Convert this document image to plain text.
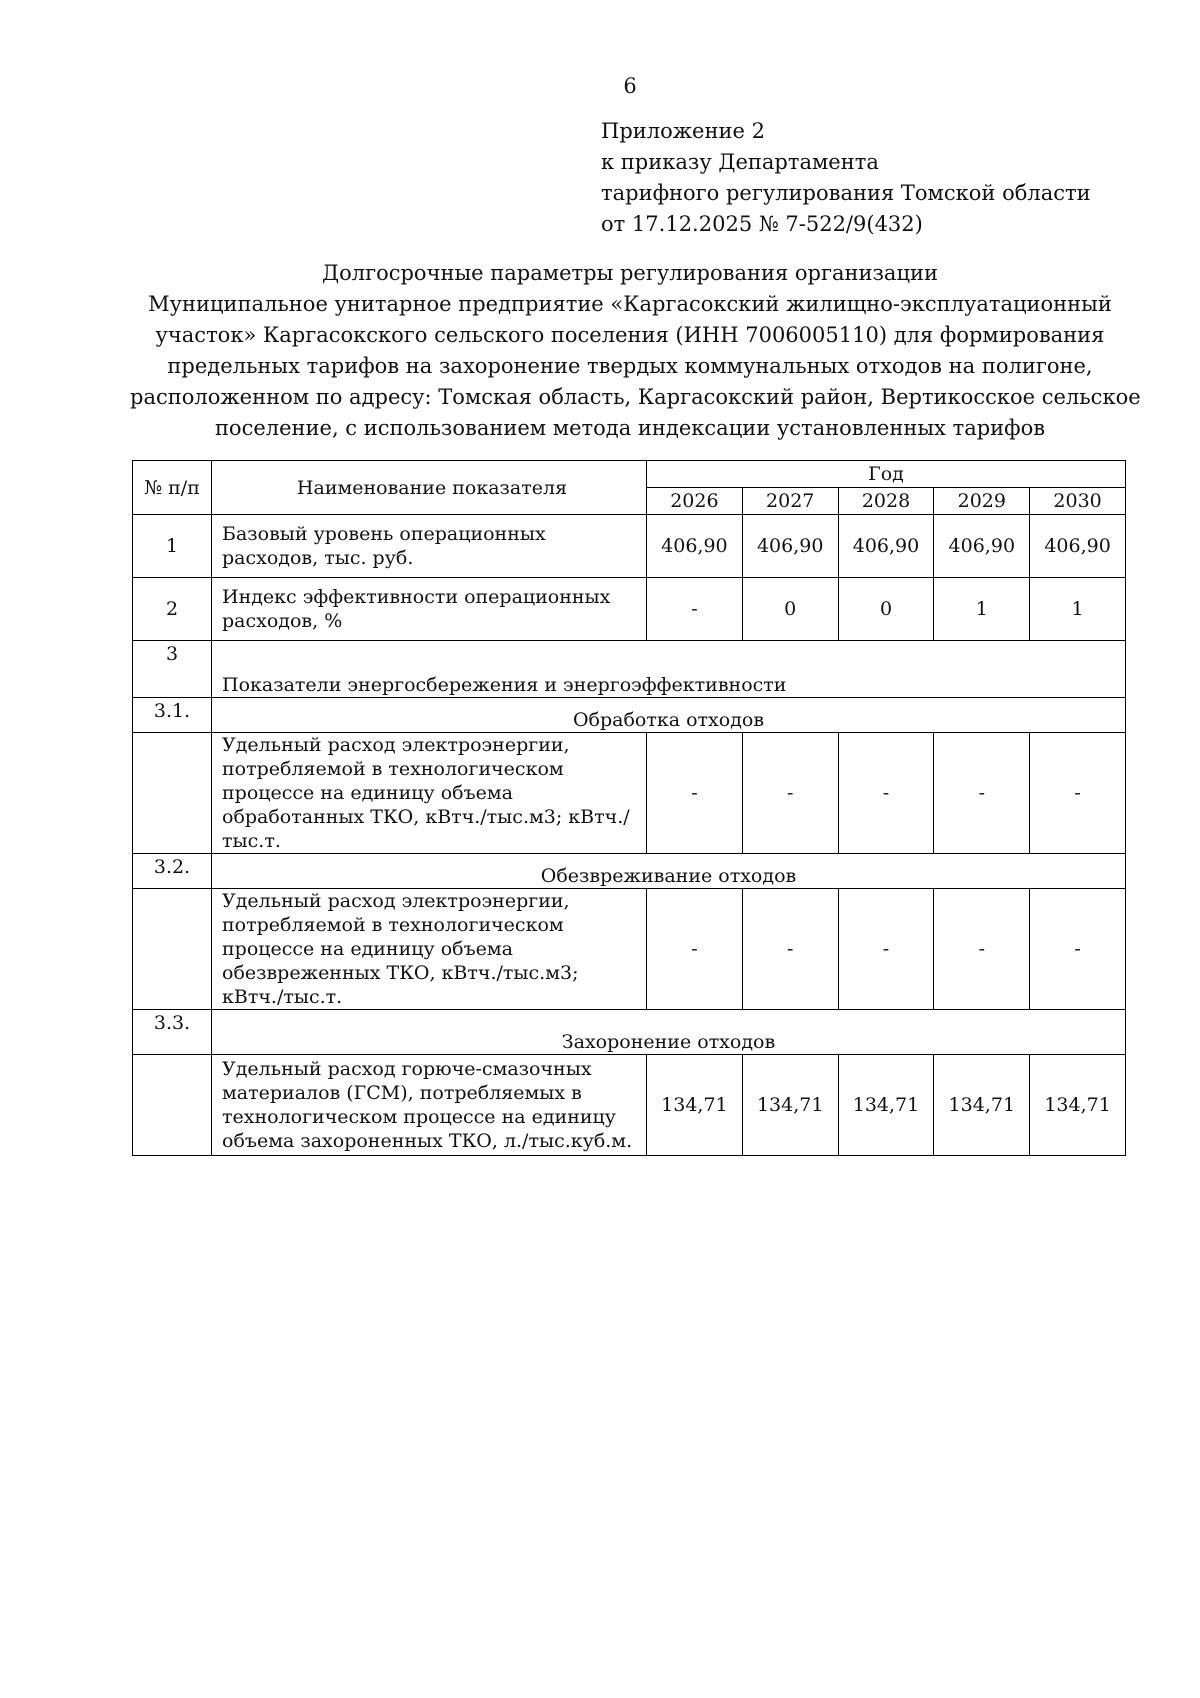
6
Приложение 2
к приказу Департамента
тарифного регулирования Томской области
от 17.12.2025 № 7-522/9(432)
Долгосрочные параметры регулирования организации
Муниципальное унитарное предприятие «Каргасокский жилищно-эксплуатационный
участок» Каргасокского сельского поселения (ИНН 7006005110) для формирования
предельных тарифов на захоронение твердых коммунальных отходов на полигоне,
расположенном по адресу: Томская область, Каргасокский район, Вертикосское сельское
поселение, с использованием метода индексации установленных тарифов
№ п/п	Наименование показателя	Год				
		2026	2027	2028	2029	2030
1	Базовый уровень операционных расходов, тыс. руб.	406,90	406,90	406,90	406,90	406,90
2	Индекс эффективности операционных расходов, %	-	0	0	1	1
3	Показатели энергосбережения и энергоэффективности					
3.1.	Обработка отходов					
	Удельный расход электроэнергии, потребляемой в технологическом процессе на единицу объема обработанных ТКО, кВтч./тыс.м3; кВтч./тыс.т.	-	-	-	-	-
3.2.	Обезвреживание отходов					
	Удельный расход электроэнергии, потребляемой в технологическом процессе на единицу объема обезвреженных ТКО, кВтч./тыс.м3; кВтч./тыс.т.	-	-	-	-	-
3.3.	Захоронение отходов					
	Удельный расход горюче-смазочных материалов (ГСМ), потребляемых в технологическом процессе на единицу объема захороненных ТКО, л./тыс.куб.м.	134,71	134,71	134,71	134,71	134,71
